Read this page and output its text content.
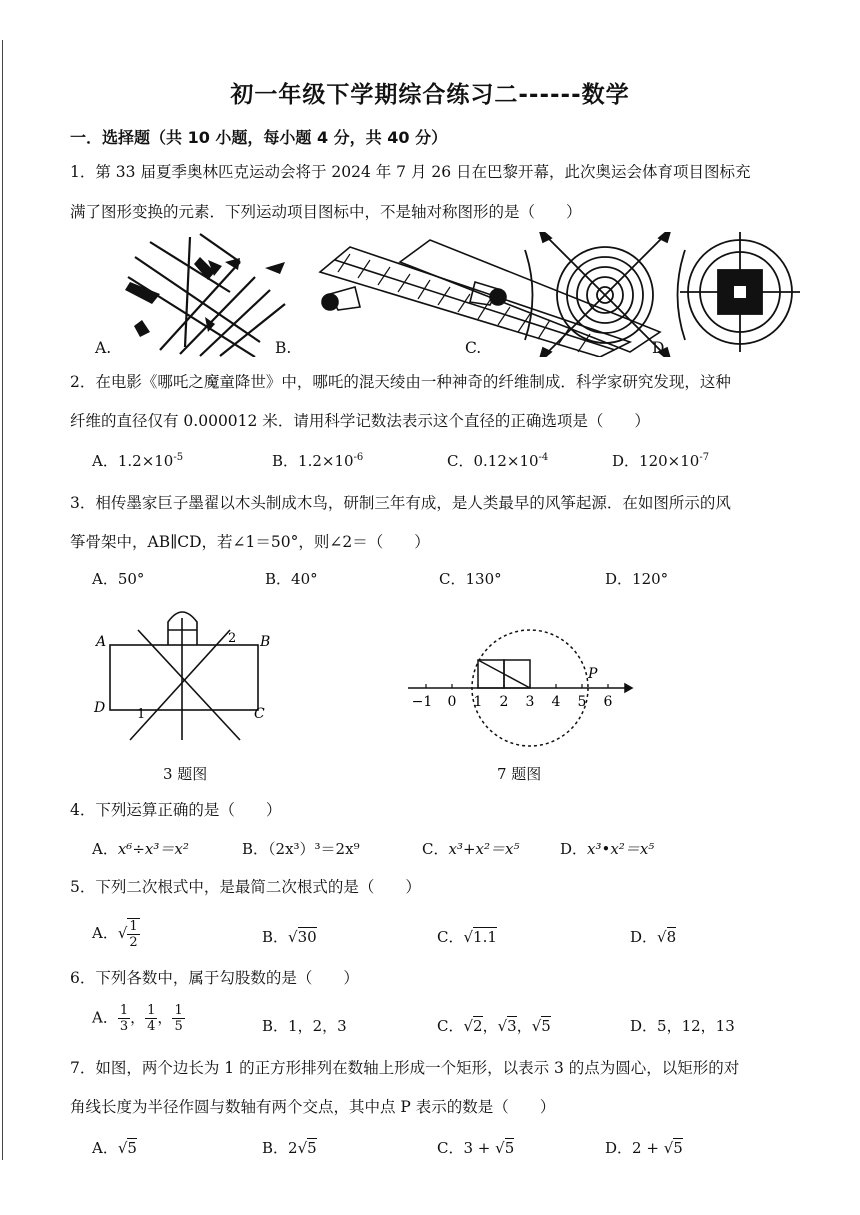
初一年级下学期综合练习二------数学
一．选择题（共 10 小题，每小题 4 分，共 40 分）
1．第 33 届夏季奥林匹克运动会将于 2024 年 7 月 26 日在巴黎开幕，此次奥运会体育项目图标充
满了图形变换的元素．下列运动项目图标中，不是轴对称图形的是（　　）
A.	B.	C.	D.
2．在电影《哪吒之魔童降世》中，哪吒的混天绫由一种神奇的纤维制成．科学家研究发现，这种
纤维的直径仅有 0.000012 米．请用科学记数法表示这个直径的正确选项是（　　）
A．$1.2\times 10^{-5}$	B．$1.2\times 10^{-6}$	C．$0.12\times 10^{-4}$	D．$120\times 10^{-7}$
3．相传墨家巨子墨翟以木头制成木鸟，研制三年有成，是人类最早的风筝起源．在如图所示的风
筝骨架中，AB∥CD，若∠1＝50°，则∠2＝（　　）
A．50°	B．40°	C．130°	D．120°
A	B
C
D 1
2
3 题图
−1 0 1 2 3 4 5 6
P
7 题图
4．下列运算正确的是（　　）
A．x⁶÷x³＝x²	B．（2x³）³＝2x⁹	C．x³+x²＝x⁵	D．x³•x²＝x⁵
5．下列二次根式中，是最简二次根式的是（　　）
A．√ $\frac{1}{2}$	B．√30	C．√1.1	D．√8
6．下列各数中，属于勾股数的是（　　）
A． $\frac{1}{3}$ ， $\frac{1}{4}$ ， $\frac{1}{5}$	B．1，2，3	C．√2，√3，√5	D．5，12，13
7．如图，两个边长为 1 的正方形排列在数轴上形成一个矩形，以表示 3 的点为圆心，以矩形的对
角线长度为半径作圆与数轴有两个交点，其中点 P 表示的数是（　　）
A．√5	B．2√5	C．3 + √5	D．2 + √5
